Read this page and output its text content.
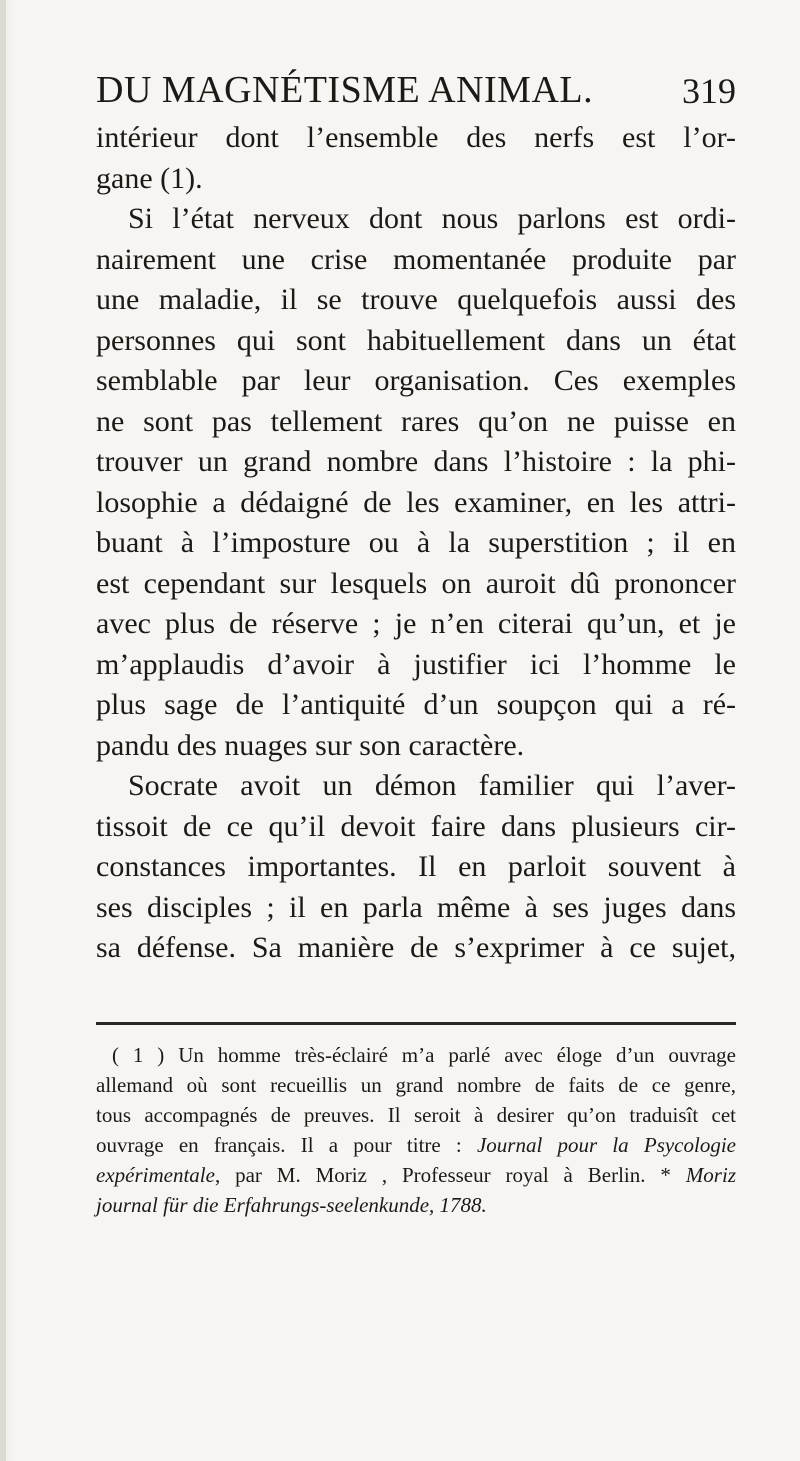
DU MAGNÉTISME ANIMAL. 319
intérieur dont l’ensemble des nerfs est l’or-
gane (1).
Si l’état nerveux dont nous parlons est ordi-
nairement une crise momentanée produite par
une maladie, il se trouve quelquefois aussi des
personnes qui sont habituellement dans un état
semblable par leur organisation. Ces exemples
ne sont pas tellement rares qu’on ne puisse en
trouver un grand nombre dans l’histoire : la phi-
losophie a dédaigné de les examiner, en les attri-
buant à l’imposture ou à la superstition ; il en
est cependant sur lesquels on auroit dû prononcer
avec plus de réserve ; je n’en citerai qu’un, et je
m’applaudis d’avoir à justifier ici l’homme le
plus sage de l’antiquité d’un soupçon qui a ré-
pandu des nuages sur son caractère.
Socrate avoit un démon familier qui l’aver-
tissoit de ce qu’il devoit faire dans plusieurs cir-
constances importantes. Il en parloit souvent à
ses disciples ; il en parla même à ses juges dans
sa défense. Sa manière de s’exprimer à ce sujet,
( 1 ) Un homme très-éclairé m’a parlé avec éloge d’un ouvrage
allemand où sont recueillis un grand nombre de faits de ce genre,
tous accompagnés de preuves. Il seroit à desirer qu’on traduisît cet
ouvrage en français. Il a pour titre : Journal pour la Psycologie
expérimentale, par M. Moriz , Professeur royal à Berlin. * Moriz
journal für die Erfahrungs-seelenkunde, 1788.
